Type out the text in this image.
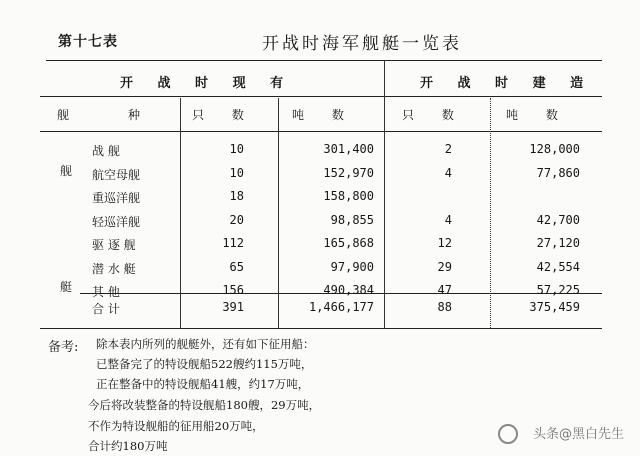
第十七表	开战时海军舰艇一览表
开 战 时 现 有	开 战 时 建 造
舰	种	只 数	吨 数	只 数	吨 数
舰
艇
战 舰	10	301,400	2	128,000
航空母舰	10	152,970	4	77,860
重巡洋舰	18	158,800
轻巡洋舰	20	98,855	4	42,700
驱 逐 舰	112	165,868	12	27,120
潜 水 艇	65	97,900	29	42,554
其 他	156	490,384	47	57,225
合 计	391	1,466,177	88	375,459
备考: 除本表内所列的舰艇外，还有如下征用船：
已整备完了的特设舰船522艘约115万吨，
正在整备中的特设舰船41艘，约17万吨，
今后将改装整备的特设舰船180艘，29万吨，
不作为特设舰船的征用船20万吨，
合计约180万吨
头条@黑白先生
